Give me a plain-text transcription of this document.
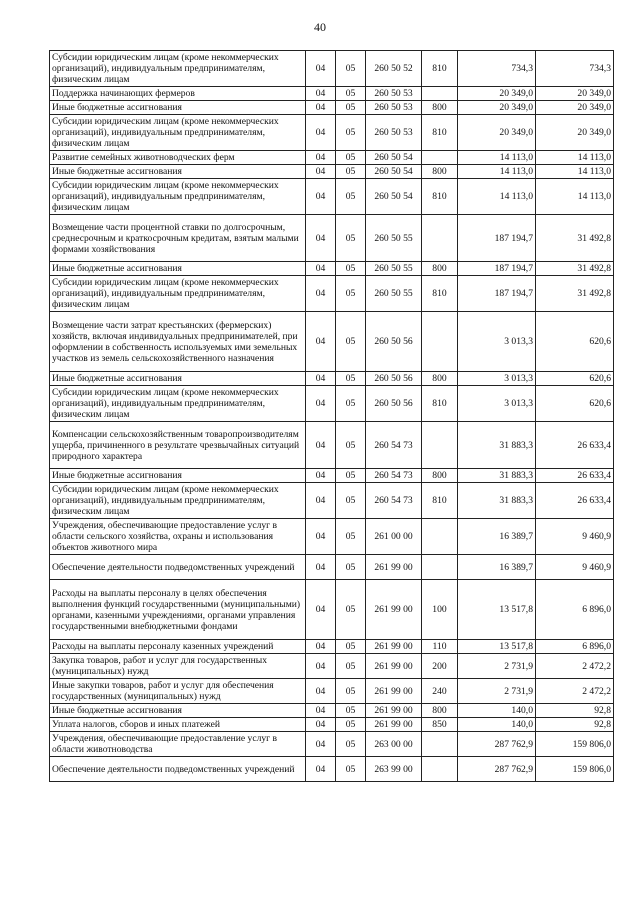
40
Субсидии юридическим лицам (кроме некоммерческих организаций), индивидуальным предпринимателям, физическим лицам	04	05	260 50 52	810	734,3	734,3
Поддержка начинающих фермеров	04	05	260 50 53		20 349,0	20 349,0
Иные бюджетные ассигнования	04	05	260 50 53	800	20 349,0	20 349,0
Субсидии юридическим лицам (кроме некоммерческих организаций), индивидуальным предпринимателям, физическим лицам	04	05	260 50 53	810	20 349,0	20 349,0
Развитие семейных животноводческих ферм	04	05	260 50 54		14 113,0	14 113,0
Иные бюджетные ассигнования	04	05	260 50 54	800	14 113,0	14 113,0
Субсидии юридическим лицам (кроме некоммерческих организаций), индивидуальным предпринимателям, физическим лицам	04	05	260 50 54	810	14 113,0	14 113,0
Возмещение части процентной ставки по долгосрочным, среднесрочным и краткосрочным кредитам, взятым малыми формами хозяйствования	04	05	260 50 55		187 194,7	31 492,8
Иные бюджетные ассигнования	04	05	260 50 55	800	187 194,7	31 492,8
Субсидии юридическим лицам (кроме некоммерческих организаций), индивидуальным предпринимателям, физическим лицам	04	05	260 50 55	810	187 194,7	31 492,8
Возмещение части затрат крестьянских (фермерских) хозяйств, включая индивидуальных предпринимателей, при оформлении в собственность используемых ими земельных участков из земель сельскохозяйственного назначения	04	05	260 50 56		3 013,3	620,6
Иные бюджетные ассигнования	04	05	260 50 56	800	3 013,3	620,6
Субсидии юридическим лицам (кроме некоммерческих организаций), индивидуальным предпринимателям, физическим лицам	04	05	260 50 56	810	3 013,3	620,6
Компенсации сельскохозяйственным товаропроизводителям ущерба, причиненного в результате чрезвычайных ситуаций природного характера	04	05	260 54 73		31 883,3	26 633,4
Иные бюджетные ассигнования	04	05	260 54 73	800	31 883,3	26 633,4
Субсидии юридическим лицам (кроме некоммерческих организаций), индивидуальным предпринимателям, физическим лицам	04	05	260 54 73	810	31 883,3	26 633,4
Учреждения, обеспечивающие предоставление услуг в области сельского хозяйства, охраны и использования объектов животного мира	04	05	261 00 00		16 389,7	9 460,9
Обеспечение деятельности подведомственных учреждений	04	05	261 99 00		16 389,7	9 460,9
Расходы на выплаты персоналу в целях обеспечения выполнения функций государственными (муниципальными) органами, казенными учреждениями, органами управления государственными внебюджетными фондами	04	05	261 99 00	100	13 517,8	6 896,0
Расходы на выплаты персоналу казенных учреждений	04	05	261 99 00	110	13 517,8	6 896,0
Закупка товаров, работ и услуг для государственных (муниципальных) нужд	04	05	261 99 00	200	2 731,9	2 472,2
Иные закупки товаров, работ и услуг для обеспечения государственных (муниципальных) нужд	04	05	261 99 00	240	2 731,9	2 472,2
Иные бюджетные ассигнования	04	05	261 99 00	800	140,0	92,8
Уплата налогов, сборов и иных платежей	04	05	261 99 00	850	140,0	92,8
Учреждения, обеспечивающие предоставление услуг в области животноводства	04	05	263 00 00		287 762,9	159 806,0
Обеспечение деятельности подведомственных учреждений	04	05	263 99 00		287 762,9	159 806,0
